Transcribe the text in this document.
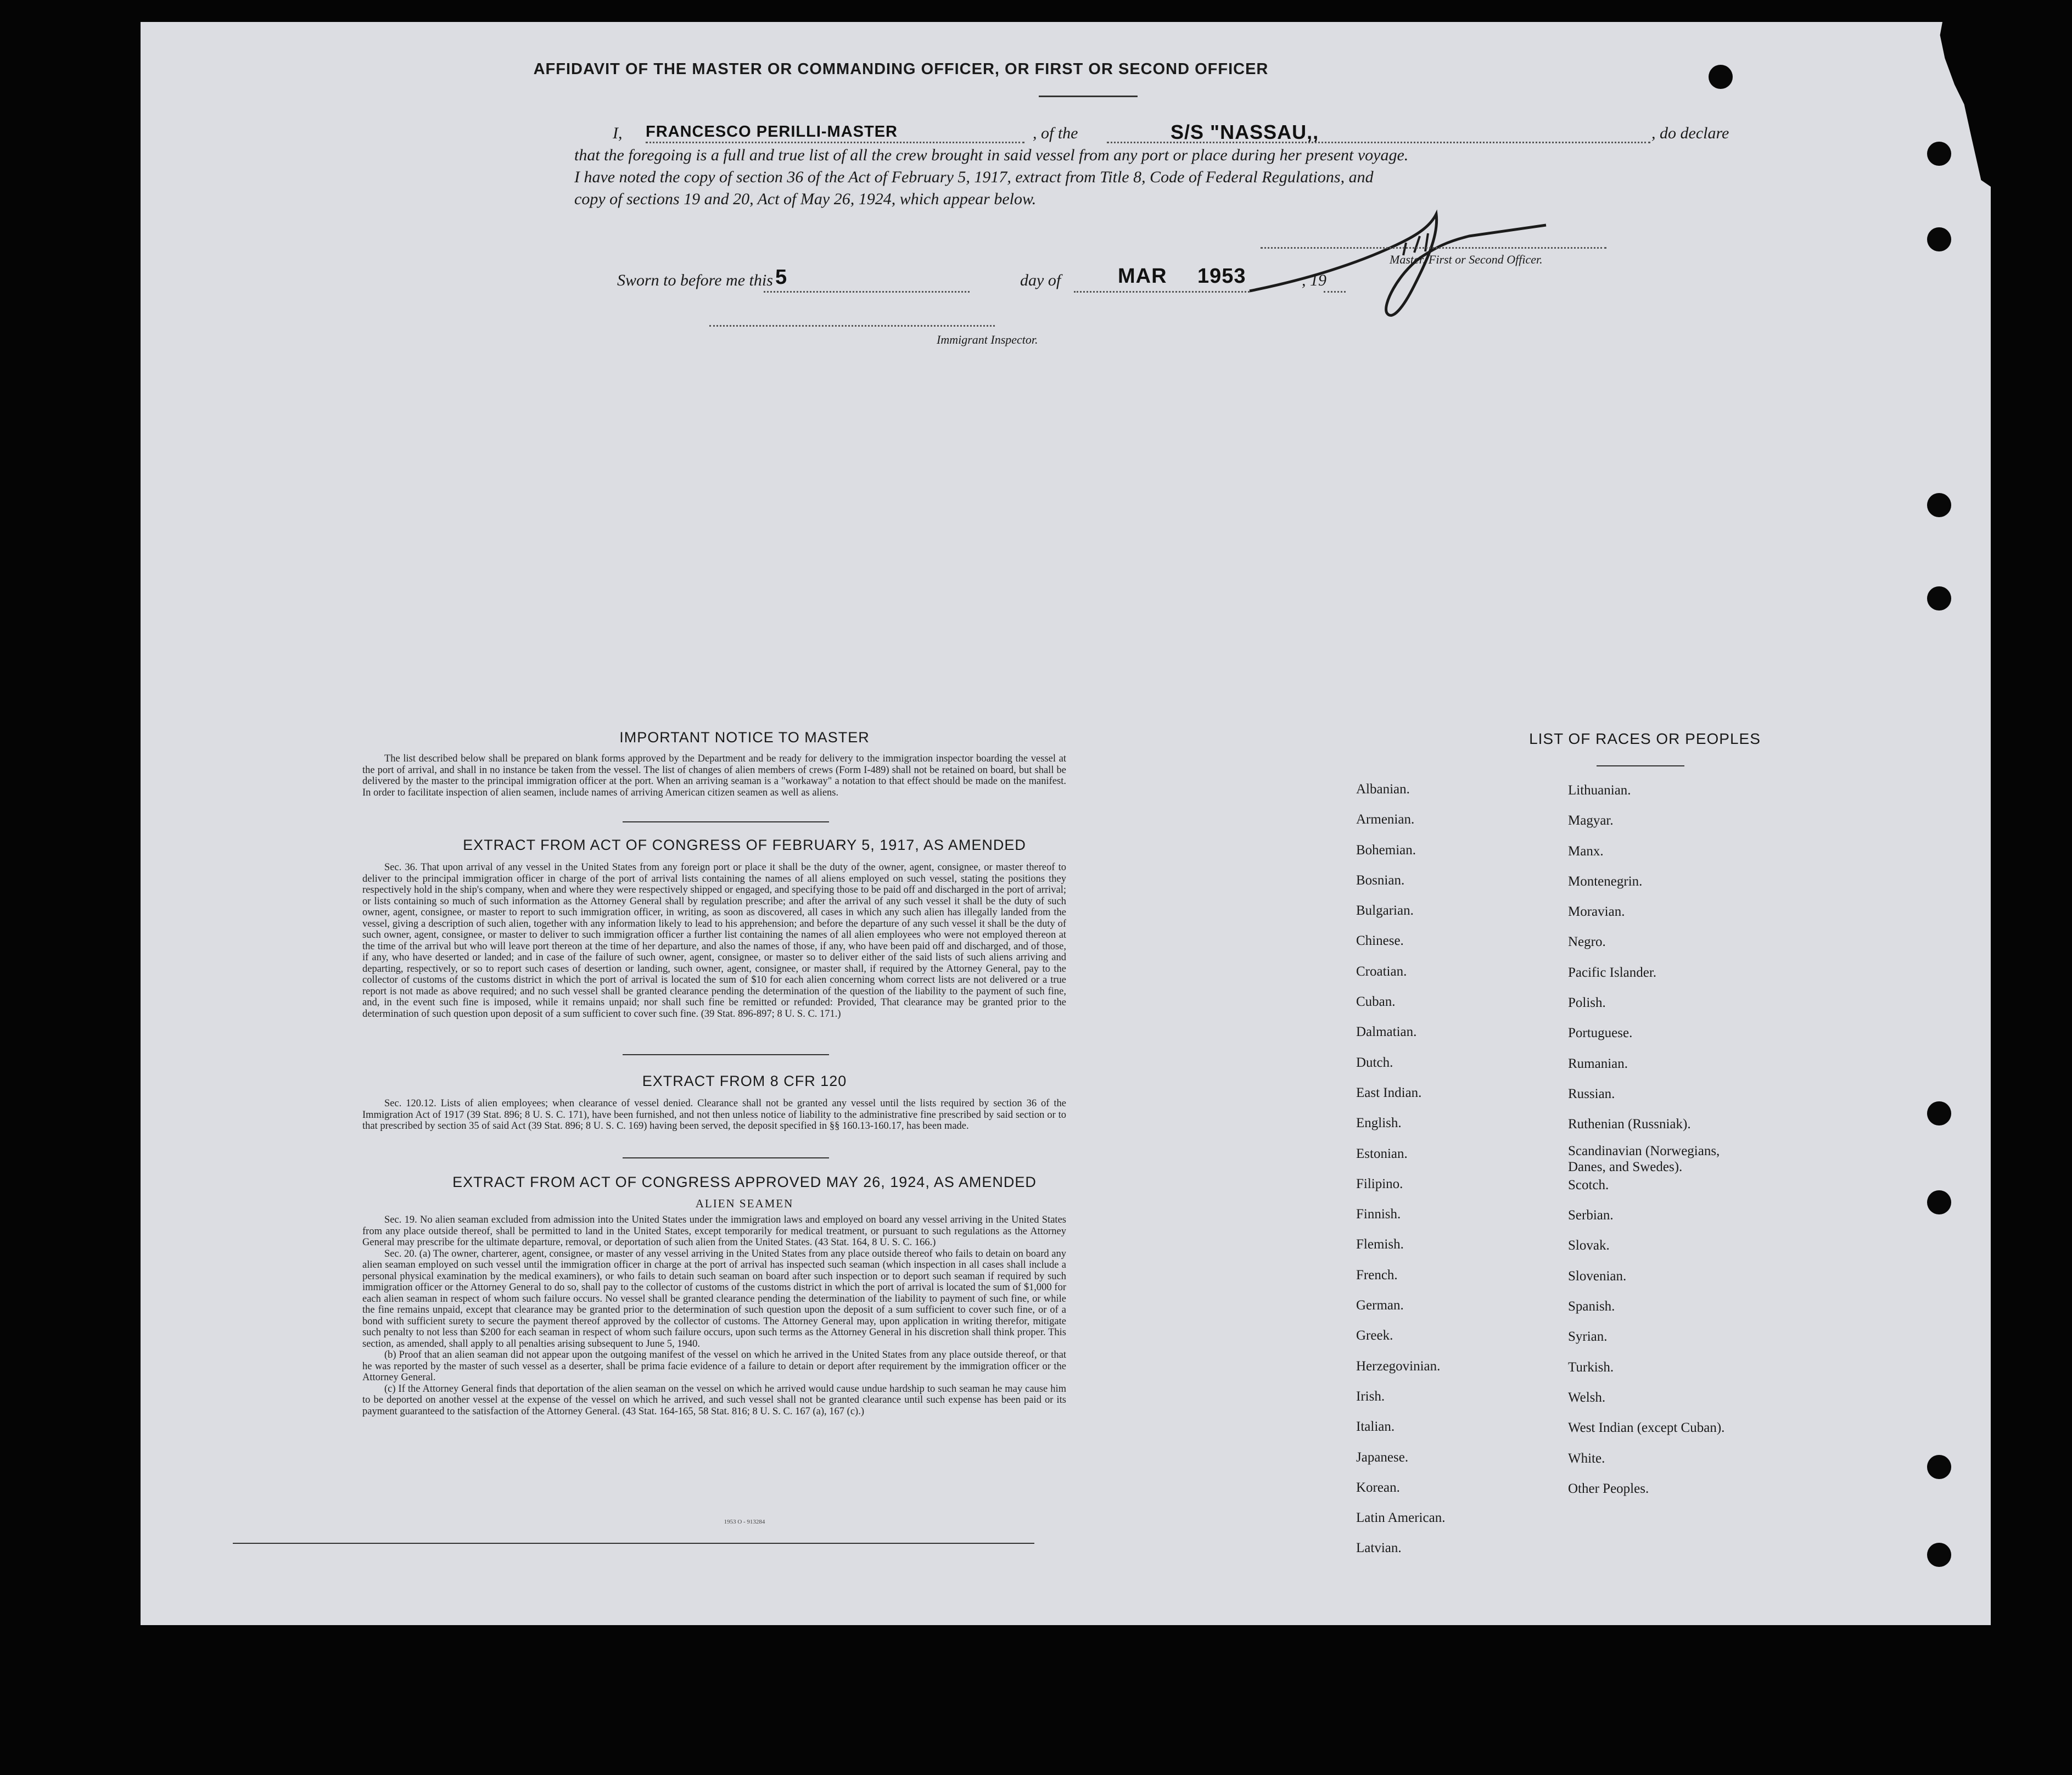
AFFIDAVIT OF THE MASTER OR COMMANDING OFFICER, OR FIRST OR SECOND OFFICER
I, FRANCESCO PERILLI-MASTER	, of the	S/S "NASSAU,,	, do declare
that the foregoing is a full and true list of all the crew brought in said vessel from any port or place during her present voyage.
I have noted the copy of section 36 of the Act of February 5, 1917, extract from Title 8, Code of Federal Regulations, and
copy of sections 19 and 20, Act of May 26, 1924, which appear below.
Master, First or Second Officer.
Sworn to before me this 5	day of	MAR 1953	, 19
Immigrant Inspector.
IMPORTANT NOTICE TO MASTER

The list described below shall be prepared on blank forms approved by the Department and be ready for delivery to the immigration inspector boarding the vessel at the port of arrival, and shall in no instance be taken from the vessel. The list of changes of alien members of crews (Form I-489) shall not be retained on board, but shall be delivered by the master to the principal immigration officer at the port. When an arriving seaman is a "workaway" a notation to that effect should be made on the manifest. In order to facilitate inspection of alien seamen, include names of arriving American citizen seamen as well as aliens.

EXTRACT FROM ACT OF CONGRESS OF FEBRUARY 5, 1917, AS AMENDED

Sec. 36. That upon arrival of any vessel in the United States from any foreign port or place it shall be the duty of the owner, agent, consignee, or master thereof to deliver to the principal immigration officer in charge of the port of arrival lists containing the names of all aliens employed on such vessel, stating the positions they respectively hold in the ship's company, when and where they were respectively shipped or engaged, and specifying those to be paid off and discharged in the port of arrival; or lists containing so much of such information as the Attorney General shall by regulation prescribe; and after the arrival of any such vessel it shall be the duty of such owner, agent, consignee, or master to report to such immigration officer, in writing, as soon as discovered, all cases in which any such alien has illegally landed from the vessel, giving a description of such alien, together with any information likely to lead to his apprehension; and before the departure of any such vessel it shall be the duty of such owner, agent, consignee, or master to deliver to such immigration officer a further list containing the names of all alien employees who were not employed thereon at the time of the arrival but who will leave port thereon at the time of her departure, and also the names of those, if any, who have been paid off and discharged, and of those, if any, who have deserted or landed; and in case of the failure of such owner, agent, consignee, or master so to deliver either of the said lists of such aliens arriving and departing, respectively, or so to report such cases of desertion or landing, such owner, agent, consignee, or master shall, if required by the Attorney General, pay to the collector of customs of the customs district in which the port of arrival is located the sum of $10 for each alien concerning whom correct lists are not delivered or a true report is not made as above required; and no such vessel shall be granted clearance pending the determination of the question of the liability to the payment of such fine, and, in the event such fine is imposed, while it remains unpaid; nor shall such fine be remitted or refunded: Provided, That clearance may be granted prior to the determination of such question upon deposit of a sum sufficient to cover such fine. (39 Stat. 896-897; 8 U. S. C. 171.)

EXTRACT FROM 8 CFR 120

Sec. 120.12. Lists of alien employees; when clearance of vessel denied. Clearance shall not be granted any vessel until the lists required by section 36 of the Immigration Act of 1917 (39 Stat. 896; 8 U. S. C. 171), have been furnished, and not then unless notice of liability to the administrative fine prescribed by said section or to that prescribed by section 35 of said Act (39 Stat. 896; 8 U. S. C. 169) having been served, the deposit specified in §§ 160.13-160.17, has been made.

EXTRACT FROM ACT OF CONGRESS APPROVED MAY 26, 1924, AS AMENDED
ALIEN SEAMEN

Sec. 19. No alien seaman excluded from admission into the United States under the immigration laws and employed on board any vessel arriving in the United States from any place outside thereof, shall be permitted to land in the United States, except temporarily for medical treatment, or pursuant to such regulations as the Attorney General may prescribe for the ultimate departure, removal, or deportation of such alien from the United States. (43 Stat. 164, 8 U. S. C. 166.)

Sec. 20. (a) The owner, charterer, agent, consignee, or master of any vessel arriving in the United States from any place outside thereof who fails to detain on board any alien seaman employed on such vessel until the immigration officer in charge at the port of arrival has inspected such seaman (which inspection in all cases shall include a personal physical examination by the medical examiners), or who fails to detain such seaman on board after such inspection or to deport such seaman if required by such immigration officer or the Attorney General to do so, shall pay to the collector of customs of the customs district in which the port of arrival is located the sum of $1,000 for each alien seaman in respect of whom such failure occurs. No vessel shall be granted clearance pending the determination of the liability to payment of such fine, or while the fine remains unpaid, except that clearance may be granted prior to the determination of such question upon the deposit of a sum sufficient to cover such fine, or of a bond with sufficient surety to secure the payment thereof approved by the collector of customs. The Attorney General may, upon application in writing therefor, mitigate such penalty to not less than $200 for each seaman in respect of whom such failure occurs, upon such terms as the Attorney General in his discretion shall think proper. This section, as amended, shall apply to all penalties arising subsequent to June 5, 1940.

(b) Proof that an alien seaman did not appear upon the outgoing manifest of the vessel on which he arrived in the United States from any place outside thereof, or that he was reported by the master of such vessel as a deserter, shall be prima facie evidence of a failure to detain or deport after requirement by the immigration officer or the Attorney General.

(c) If the Attorney General finds that deportation of the alien seaman on the vessel on which he arrived would cause undue hardship to such seaman he may cause him to be deported on another vessel at the expense of the vessel on which he arrived, and such vessel shall not be granted clearance until such expense has been paid or its payment guaranteed to the satisfaction of the Attorney General. (43 Stat. 164-165, 58 Stat. 816; 8 U. S. C. 167 (a), 167 (c).)

1953 O - 913284
LIST OF RACES OR PEOPLES
Albanian.
Armenian.
Bohemian.
Bosnian.
Bulgarian.
Chinese.
Croatian.
Cuban.
Dalmatian.
Dutch.
East Indian.
English.
Estonian.
Filipino.
Finnish.
Flemish.
French.
German.
Greek.
Herzegovinian.
Irish.
Italian.
Japanese.
Korean.
Latin American.
Latvian.
Lithuanian.
Magyar.
Manx.
Montenegrin.
Moravian.
Negro.
Pacific Islander.
Polish.
Portuguese.
Rumanian.
Russian.
Ruthenian (Russniak).
Scandinavian (Norwegians,
Danes, and Swedes).
Scotch.
Serbian.
Slovak.
Slovenian.
Spanish.
Syrian.
Turkish.
Welsh.
West Indian (except Cuban).
White.
Other Peoples.
